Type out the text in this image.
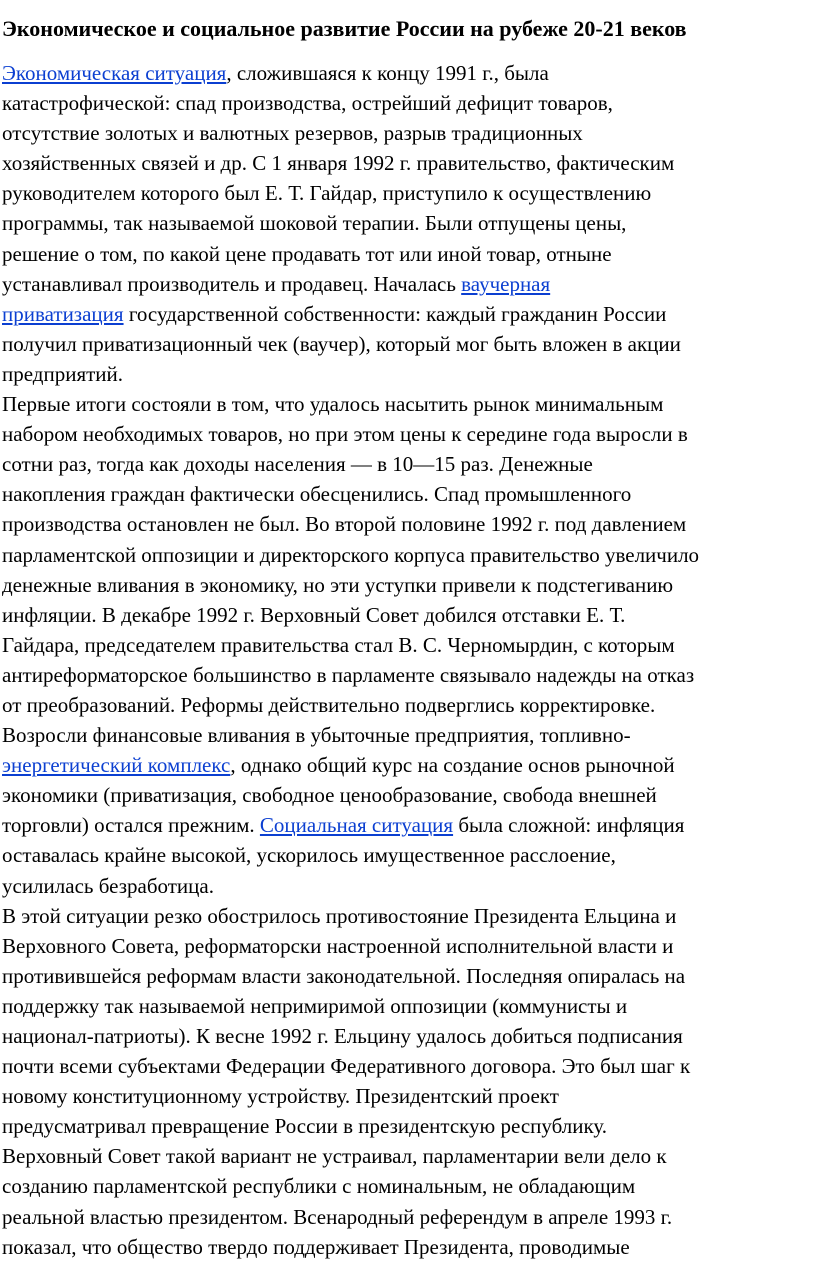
Экономическое и социальное развитие России на рубеже 20-21 веков
Экономическая ситуация, сложившаяся к концу 1991 г., была
катастрофической: спад производства, острейший дефицит товаров,
отсутствие золотых и валютных резервов, разрыв традиционных
хозяйственных связей и др. С 1 января 1992 г. правительство, фактическим
руководителем которого был Е. Т. Гайдар, приступило к осуществлению
программы, так называемой шоковой терапии. Были отпущены цены,
решение о том, по какой цене продавать тот или иной товар, отныне
устанавливал производитель и продавец. Началась ваучерная
приватизация государственной собственности: каждый гражданин России
получил приватизационный чек (ваучер), который мог быть вложен в акции
предприятий.
Первые итоги состояли в том, что удалось насытить рынок минимальным
набором необходимых товаров, но при этом цены к середине года выросли в
сотни раз, тогда как доходы населения — в 10—15 раз. Денежные
накопления граждан фактически обесценились. Спад промышленного
производства остановлен не был. Во второй половине 1992 г. под давлением
парламентской оппозиции и директорского корпуса правительство увеличило
денежные вливания в экономику, но эти уступки привели к подстегиванию
инфляции. В декабре 1992 г. Верховный Совет добился отставки Е. Т.
Гайдара, председателем правительства стал В. С. Черномырдин, с которым
антиреформаторское большинство в парламенте связывало надежды на отказ
от преобразований. Реформы действительно подверглись корректировке.
Возросли финансовые вливания в убыточные предприятия, топливно-
энергетический комплекс, однако общий курс на создание основ рыночной
экономики (приватизация, свободное ценообразование, свобода внешней
торговли) остался прежним. Социальная ситуация была сложной: инфляция
оставалась крайне высокой, ускорилось имущественное расслоение,
усилилась безработица.
В этой ситуации резко обострилось противостояние Президента Ельцина и
Верховного Совета, реформаторски настроенной исполнительной власти и
противившейся реформам власти законодательной. Последняя опиралась на
поддержку так называемой непримиримой оппозиции (коммунисты и
национал-патриоты). К весне 1992 г. Ельцину удалось добиться подписания
почти всеми субъектами Федерации Федеративного договора. Это был шаг к
новому конституционному устройству. Президентский проект
предусматривал превращение России в президентскую республику.
Верховный Совет такой вариант не устраивал, парламентарии вели дело к
созданию парламентской республики с номинальным, не обладающим
реальной властью президентом. Всенародный референдум в апреле 1993 г.
показал, что общество твердо поддерживает Президента, проводимые
